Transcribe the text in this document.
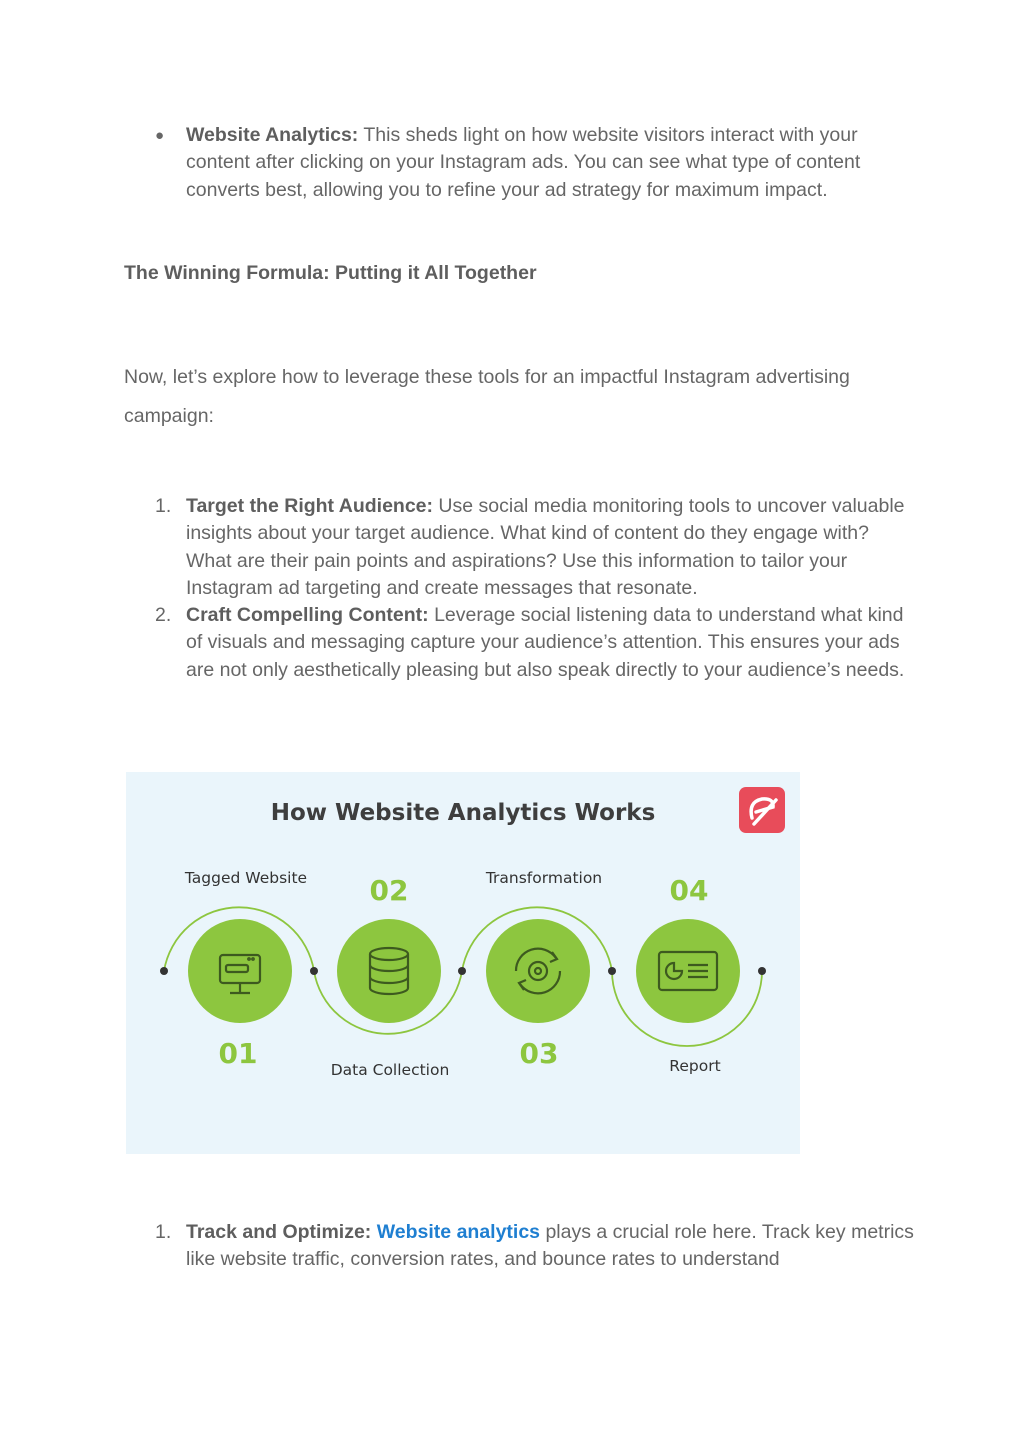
● Website Analytics: This sheds light on how website visitors interact with your content after clicking on your Instagram ads. You can see what type of content converts best, allowing you to refine your ad strategy for maximum impact.
The Winning Formula: Putting it All Together
Now, let’s explore how to leverage these tools for an impactful Instagram advertising campaign:
1. Target the Right Audience: Use social media monitoring tools to uncover valuable insights about your target audience. What kind of content do they engage with? What are their pain points and aspirations? Use this information to tailor your Instagram ad targeting and create messages that resonate.
2. Craft Compelling Content: Leverage social listening data to understand what kind of visuals and messaging capture your audience’s attention. This ensures your ads are not only aesthetically pleasing but also speak directly to your audience’s needs.
How Website Analytics Works
Tagged Website 02	Transformation 04
01	Data Collection	03	Report
1. Track and Optimize: Website analytics plays a crucial role here. Track key metrics like website traffic, conversion rates, and bounce rates to understand
